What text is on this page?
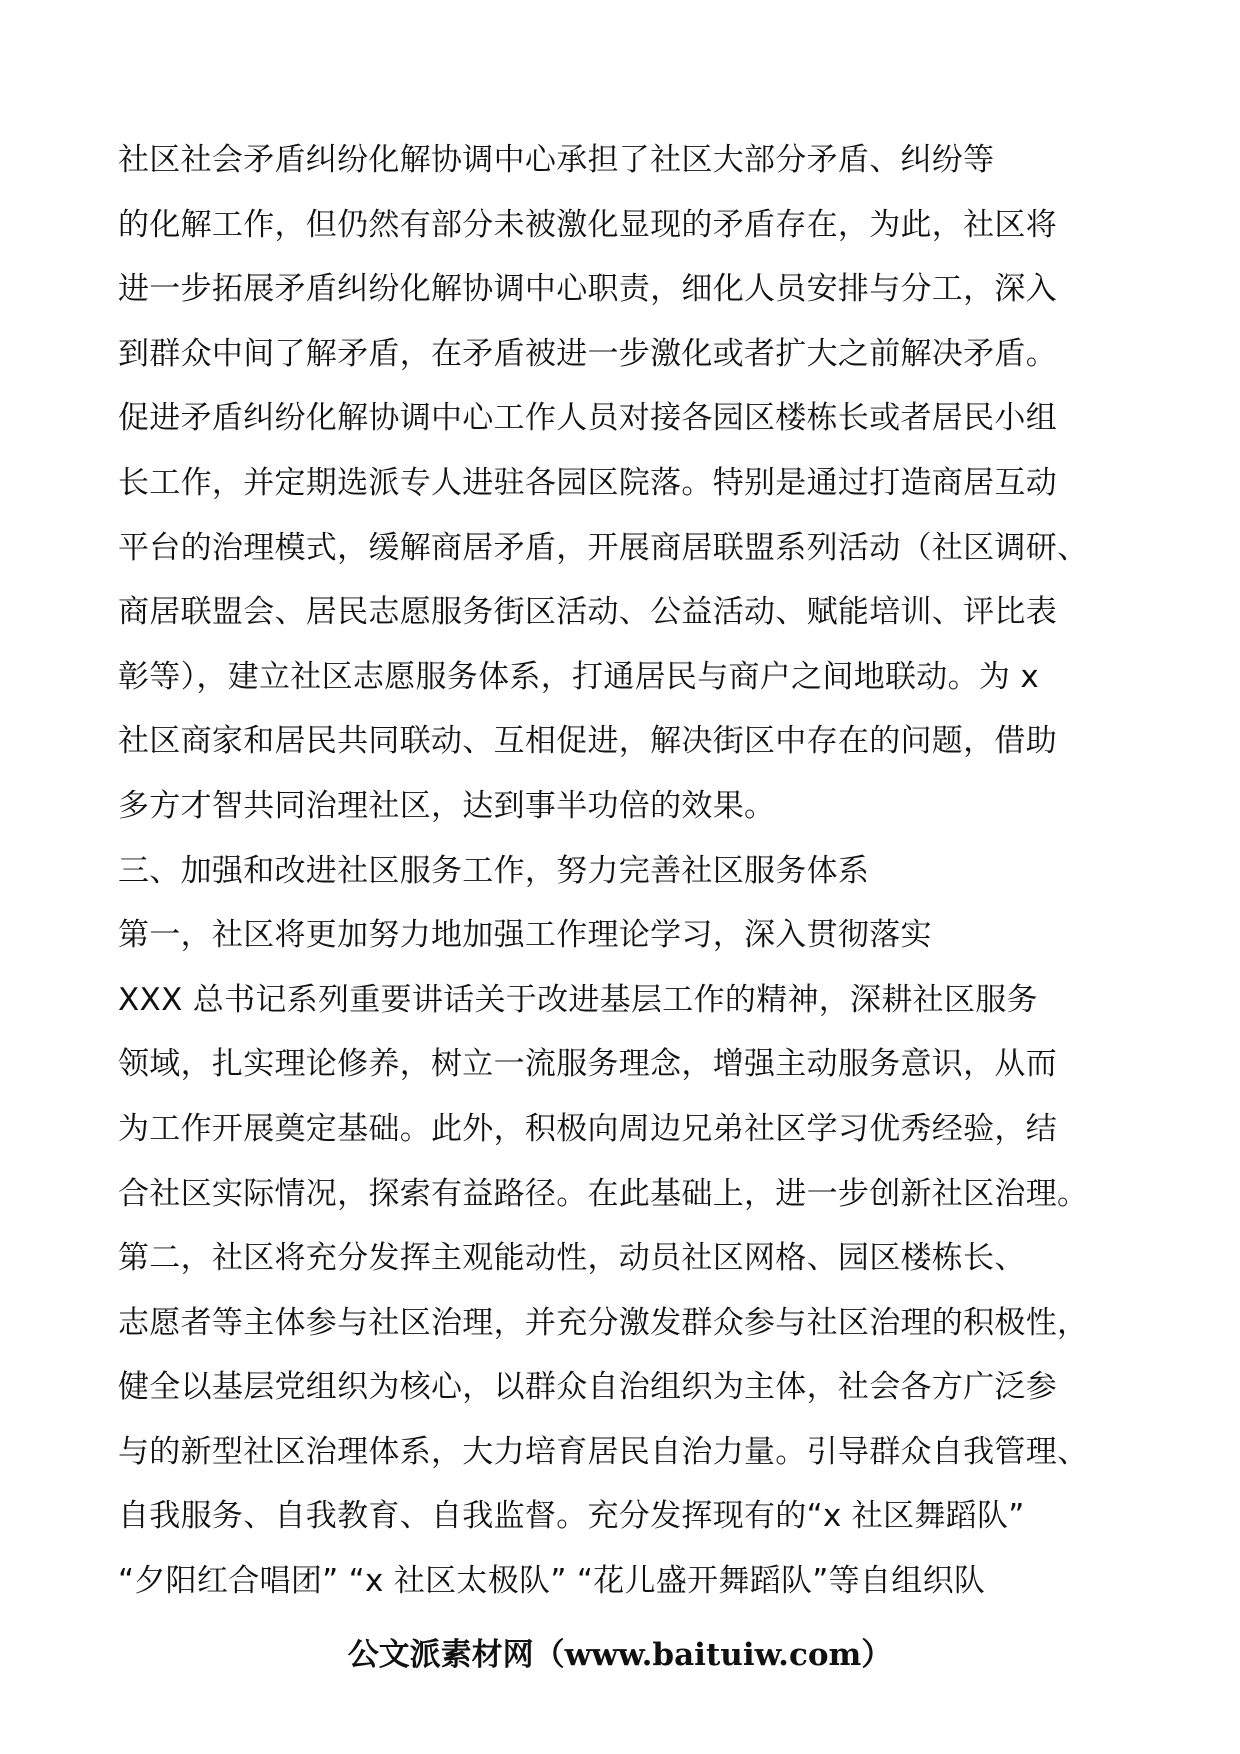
社区社会矛盾纠纷化解协调中心承担了社区大部分矛盾、纠纷等
的化解工作，但仍然有部分未被激化显现的矛盾存在，为此，社区将
进一步拓展矛盾纠纷化解协调中心职责，细化人员安排与分工，深入
到群众中间了解矛盾，在矛盾被进一步激化或者扩大之前解决矛盾。
促进矛盾纠纷化解协调中心工作人员对接各园区楼栋长或者居民小组
长工作，并定期选派专人进驻各园区院落。特别是通过打造商居互动
平台的治理模式，缓解商居矛盾，开展商居联盟系列活动（社区调研、
商居联盟会、居民志愿服务街区活动、公益活动、赋能培训、评比表
彰等），建立社区志愿服务体系，打通居民与商户之间地联动。为 x
社区商家和居民共同联动、互相促进，解决街区中存在的问题，借助
多方才智共同治理社区，达到事半功倍的效果。
三、加强和改进社区服务工作，努力完善社区服务体系
第一，社区将更加努力地加强工作理论学习，深入贯彻落实
XXX 总书记系列重要讲话关于改进基层工作的精神，深耕社区服务
领域，扎实理论修养，树立一流服务理念，增强主动服务意识，从而
为工作开展奠定基础。此外，积极向周边兄弟社区学习优秀经验，结
合社区实际情况，探索有益路径。在此基础上，进一步创新社区治理。
第二，社区将充分发挥主观能动性，动员社区网格、园区楼栋长、
志愿者等主体参与社区治理，并充分激发群众参与社区治理的积极性，
健全以基层党组织为核心，以群众自治组织为主体，社会各方广泛参
与的新型社区治理体系，大力培育居民自治力量。引导群众自我管理、
自我服务、自我教育、自我监督。充分发挥现有的“x 社区舞蹈队”
“夕阳红合唱团” “x 社区太极队” “花儿盛开舞蹈队”等自组织队
公文派素材网（www.baituiw.com）
